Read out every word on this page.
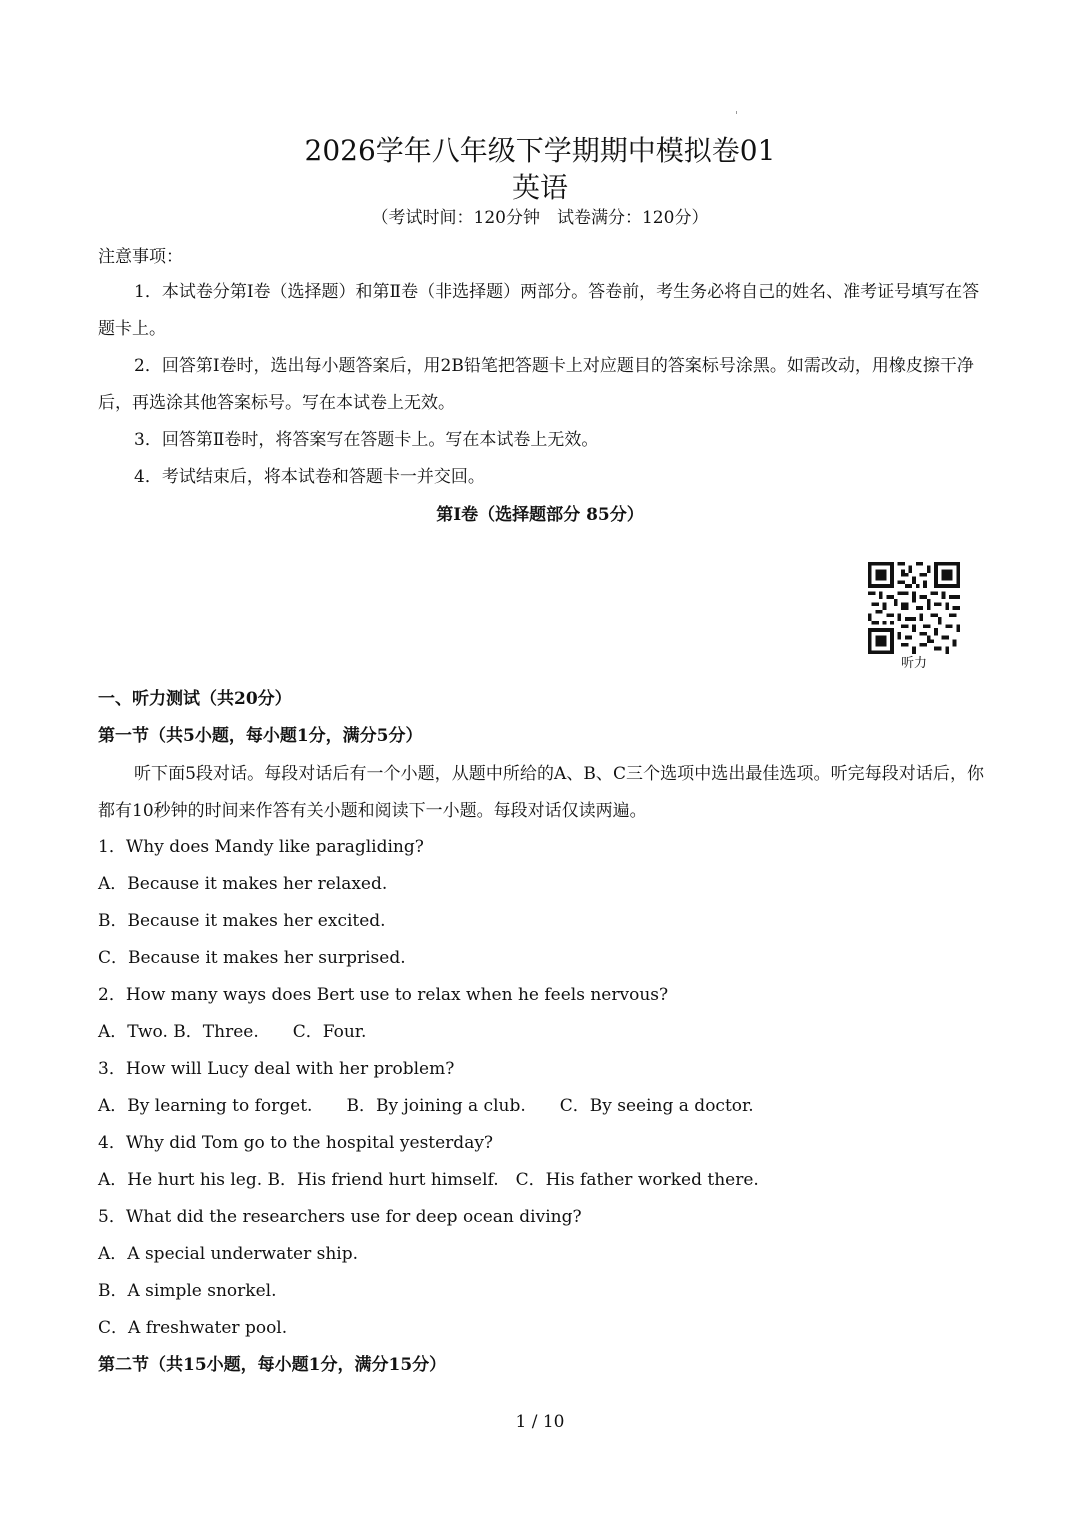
2026学年八年级下学期期中模拟卷01
英语
（考试时间：120分钟　试卷满分：120分）
注意事项：
1．本试卷分第Ⅰ卷（选择题）和第Ⅱ卷（非选择题）两部分。答卷前，考生务必将自己的姓名、准考证号填写在答题卡上。
2．回答第Ⅰ卷时，选出每小题答案后，用2B铅笔把答题卡上对应题目的答案标号涂黑。如需改动，用橡皮擦干净后，再选涂其他答案标号。写在本试卷上无效。
3．回答第Ⅱ卷时，将答案写在答题卡上。写在本试卷上无效。
4．考试结束后，将本试卷和答题卡一并交回。
第I卷（选择题部分 85分）
听力
一、听力测试（共20分）
第一节（共5小题，每小题1分，满分5分）
听下面5段对话。每段对话后有一个小题，从题中所给的A、B、C三个选项中选出最佳选项。听完每段对话后，你都有10秒钟的时间来作答有关小题和阅读下一小题。每段对话仅读两遍。
1．Why does Mandy like paragliding?
A．Because it makes her relaxed.
B．Because it makes her excited.
C．Because it makes her surprised.
2．How many ways does Bert use to relax when he feels nervous?
A．Two. B．Three.　　C．Four.
3．How will Lucy deal with her problem?
A．By learning to forget.　　B．By joining a club.　　C．By seeing a doctor.
4．Why did Tom go to the hospital yesterday?
A．He hurt his leg. B．His friend hurt himself.　C．His father worked there.
5．What did the researchers use for deep ocean diving?
A．A special underwater ship.
B．A simple snorkel.
C．A freshwater pool.
第二节（共15小题，每小题1分，满分15分）
1 / 10
